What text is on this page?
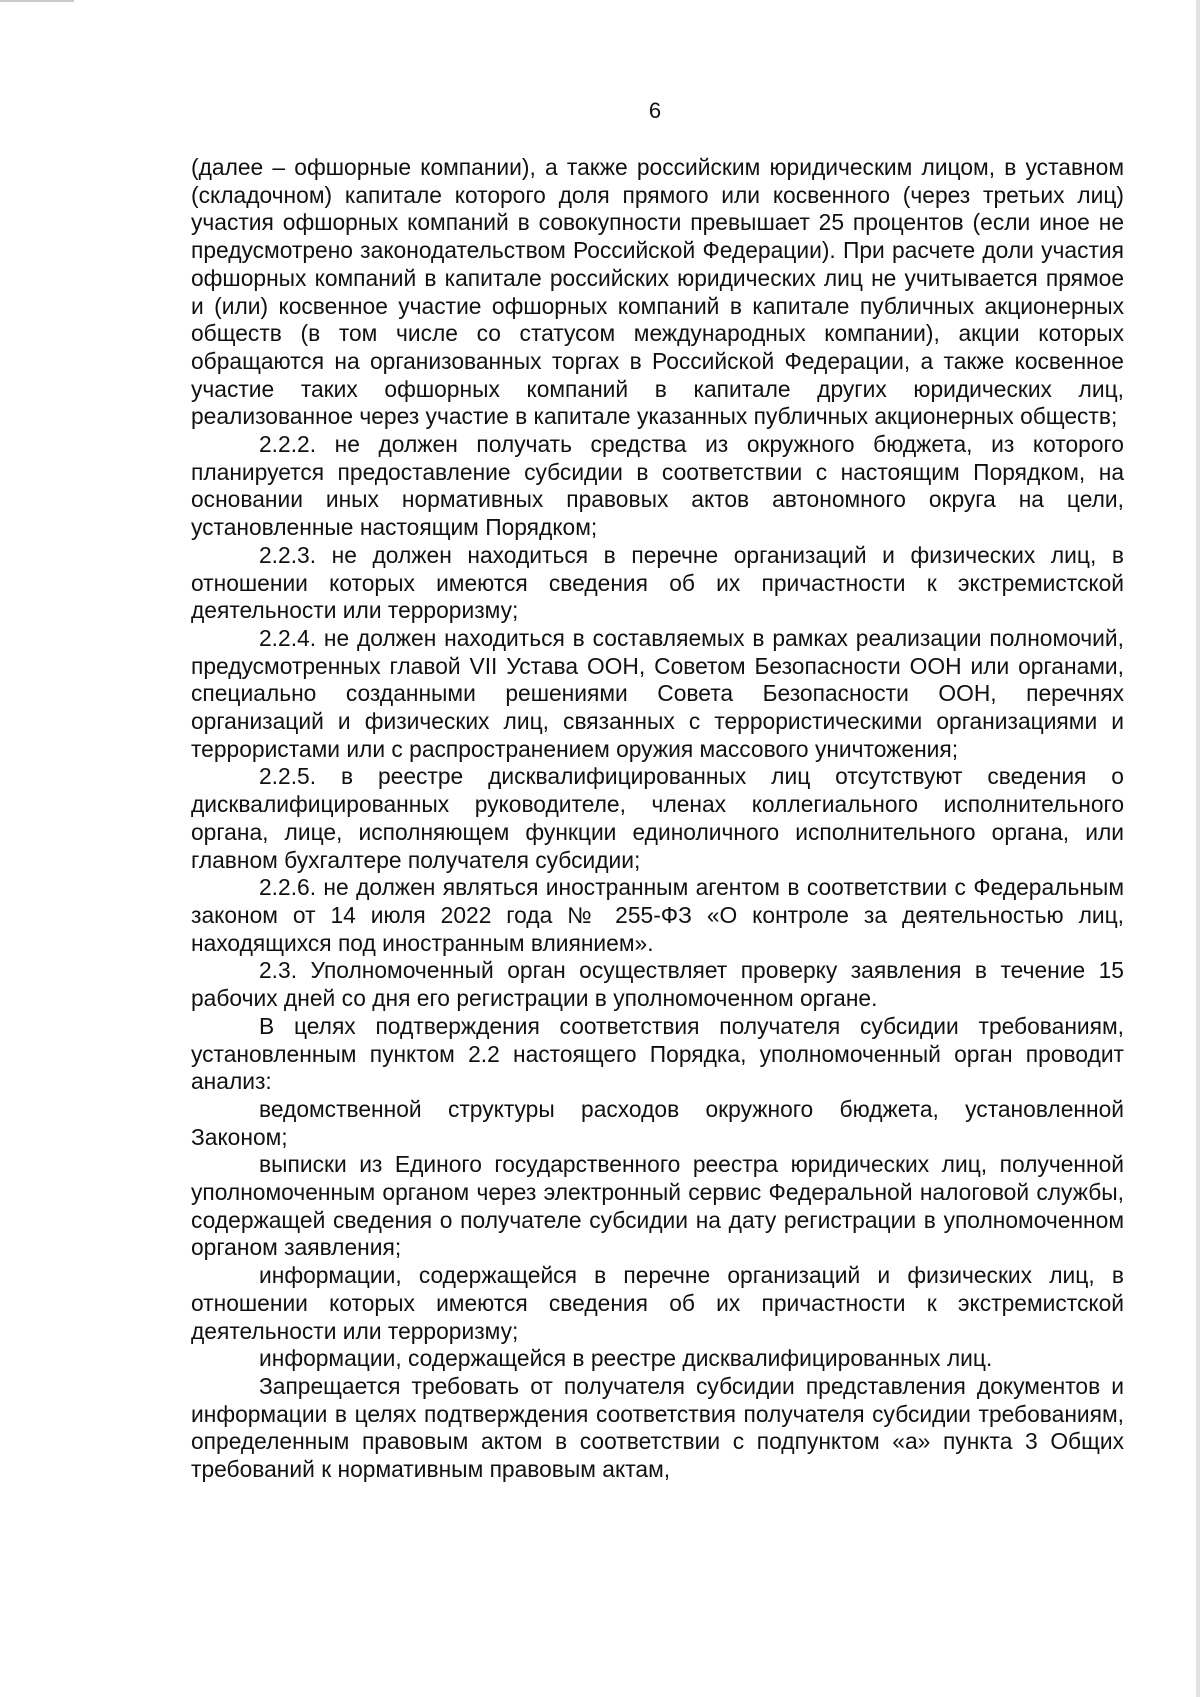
6

(далее – офшорные компании), а также российским юридическим лицом, в уставном (складочном) капитале которого доля прямого или косвенного (через третьих лиц) участия офшорных компаний в совокупности превышает 25 процентов (если иное не предусмотрено законодательством Российской Федерации). При расчете доли участия офшорных компаний в капитале российских юридических лиц не учитывается прямое и (или) косвенное участие офшорных компаний в капитале публичных акционерных обществ (в том числе со статусом международных компании), акции которых обращаются на организованных торгах в Российской Федерации, а также косвенное участие таких офшорных компаний в капитале других юридических лиц, реализованное через участие в капитале указанных публичных акционерных обществ;

2.2.2. не должен получать средства из окружного бюджета, из которого планируется предоставление субсидии в соответствии с настоящим Порядком, на основании иных нормативных правовых актов автономного округа на цели, установленные настоящим Порядком;

2.2.3. не должен находиться в перечне организаций и физических лиц, в отношении которых имеются сведения об их причастности к экстремистской деятельности или терроризму;

2.2.4. не должен находиться в составляемых в рамках реализации полномочий, предусмотренных главой VII Устава ООН, Советом Безопасности ООН или органами, специально созданными решениями Совета Безопасности ООН, перечнях организаций и физических лиц, связанных с террористическими организациями и террористами или с распространением оружия массового уничтожения;

2.2.5. в реестре дисквалифицированных лиц отсутствуют сведения о дисквалифицированных руководителе, членах коллегиального исполнительного органа, лице, исполняющем функции единоличного исполнительного органа, или главном бухгалтере получателя субсидии;

2.2.6. не должен являться иностранным агентом в соответствии с Федеральным законом от 14 июля 2022 года № 255-ФЗ «О контроле за деятельностью лиц, находящихся под иностранным влиянием».

2.3. Уполномоченный орган осуществляет проверку заявления в течение 15 рабочих дней со дня его регистрации в уполномоченном органе.

В целях подтверждения соответствия получателя субсидии требованиям, установленным пунктом 2.2 настоящего Порядка, уполномоченный орган проводит анализ:

ведомственной структуры расходов окружного бюджета, установленной Законом;

выписки из Единого государственного реестра юридических лиц, полученной уполномоченным органом через электронный сервис Федеральной налоговой службы, содержащей сведения о получателе субсидии на дату регистрации в уполномоченном органом заявления;

информации, содержащейся в перечне организаций и физических лиц, в отношении которых имеются сведения об их причастности к экстремистской деятельности или терроризму;

информации, содержащейся в реестре дисквалифицированных лиц.

Запрещается требовать от получателя субсидии представления документов и информации в целях подтверждения соответствия получателя субсидии требованиям, определенным правовым актом в соответствии с подпунктом «а» пункта 3 Общих требований к нормативным правовым актам,
